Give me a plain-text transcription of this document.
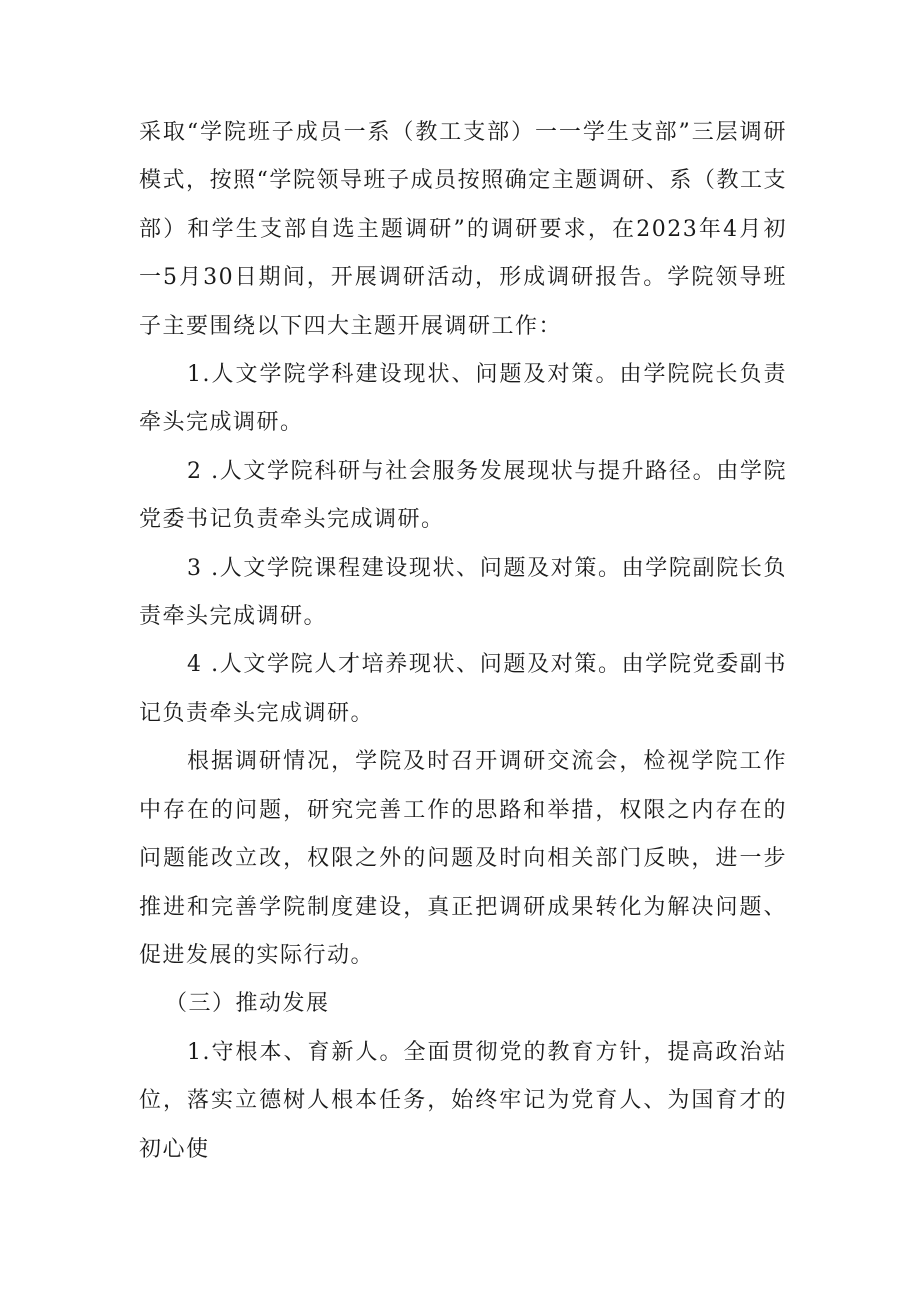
采取“学院班子成员一系（教工支部）一一学生支部”三层调研模式，按照“学院领导班子成员按照确定主题调研、系（教工支部）和学生支部自选主题调研”的调研要求，在2023年4月初一5月30日期间，开展调研活动，形成调研报告。学院领导班子主要围绕以下四大主题开展调研工作：

1.人文学院学科建设现状、问题及对策。由学院院长负责牵头完成调研。

2 .人文学院科研与社会服务发展现状与提升路径。由学院党委书记负责牵头完成调研。

3 .人文学院课程建设现状、问题及对策。由学院副院长负责牵头完成调研。

4 .人文学院人才培养现状、问题及对策。由学院党委副书记负责牵头完成调研。

根据调研情况，学院及时召开调研交流会，检视学院工作中存在的问题，研究完善工作的思路和举措，权限之内存在的问题能改立改，权限之外的问题及时向相关部门反映，进一步推进和完善学院制度建设，真正把调研成果转化为解决问题、促进发展的实际行动。

（三）推动发展

1.守根本、育新人。全面贯彻党的教育方针，提高政治站位，落实立德树人根本任务，始终牢记为党育人、为国育才的初心使
